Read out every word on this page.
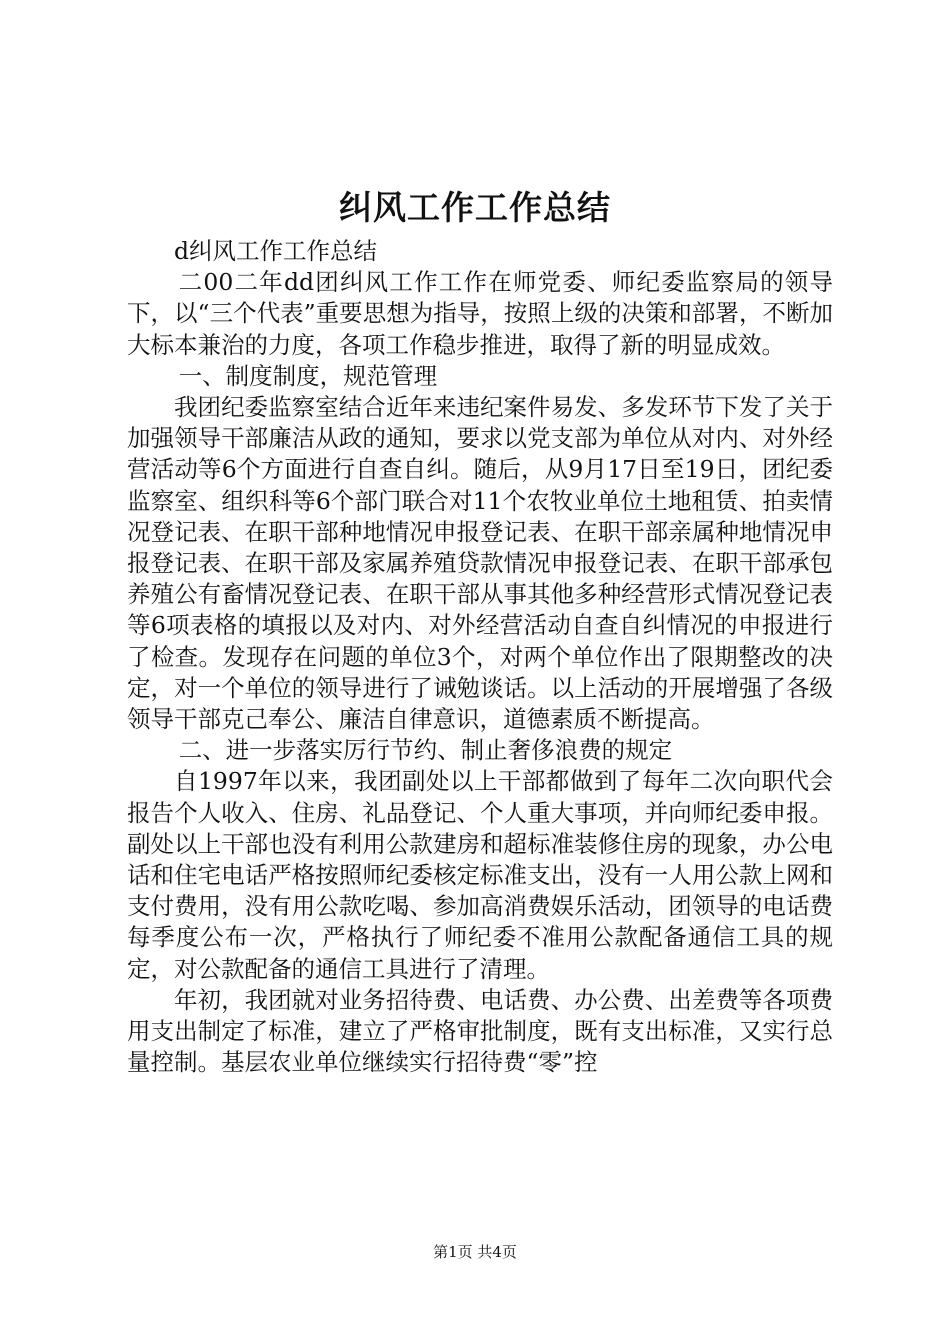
纠风工作工作总结

d纠风工作工作总结

二00二年dd团纠风工作工作在师党委、师纪委监察局的领导下，以“三个代表”重要思想为指导，按照上级的决策和部署，不断加大标本兼治的力度，各项工作稳步推进，取得了新的明显成效。

一、制度制度，规范管理

我团纪委监察室结合近年来违纪案件易发、多发环节下发了关于加强领导干部廉洁从政的通知，要求以党支部为单位从对内、对外经营活动等6个方面进行自查自纠。随后，从9月17日至19日，团纪委监察室、组织科等6个部门联合对11个农牧业单位土地租赁、拍卖情况登记表、在职干部种地情况申报登记表、在职干部亲属种地情况申报登记表、在职干部及家属养殖贷款情况申报登记表、在职干部承包养殖公有畜情况登记表、在职干部从事其他多种经营形式情况登记表等6项表格的填报以及对内、对外经营活动自查自纠情况的申报进行了检查。发现存在问题的单位3个，对两个单位作出了限期整改的决定，对一个单位的领导进行了诫勉谈话。以上活动的开展增强了各级领导干部克己奉公、廉洁自律意识，道德素质不断提高。

二、进一步落实厉行节约、制止奢侈浪费的规定

自1997年以来，我团副处以上干部都做到了每年二次向职代会报告个人收入、住房、礼品登记、个人重大事项，并向师纪委申报。副处以上干部也没有利用公款建房和超标准装修住房的现象，办公电话和住宅电话严格按照师纪委核定标准支出，没有一人用公款上网和支付费用，没有用公款吃喝、参加高消费娱乐活动，团领导的电话费每季度公布一次，严格执行了师纪委不准用公款配备通信工具的规定，对公款配备的通信工具进行了清理。

年初，我团就对业务招待费、电话费、办公费、出差费等各项费用支出制定了标准，建立了严格审批制度，既有支出标准，又实行总量控制。基层农业单位继续实行招待费“零”控

第1页 共4页
